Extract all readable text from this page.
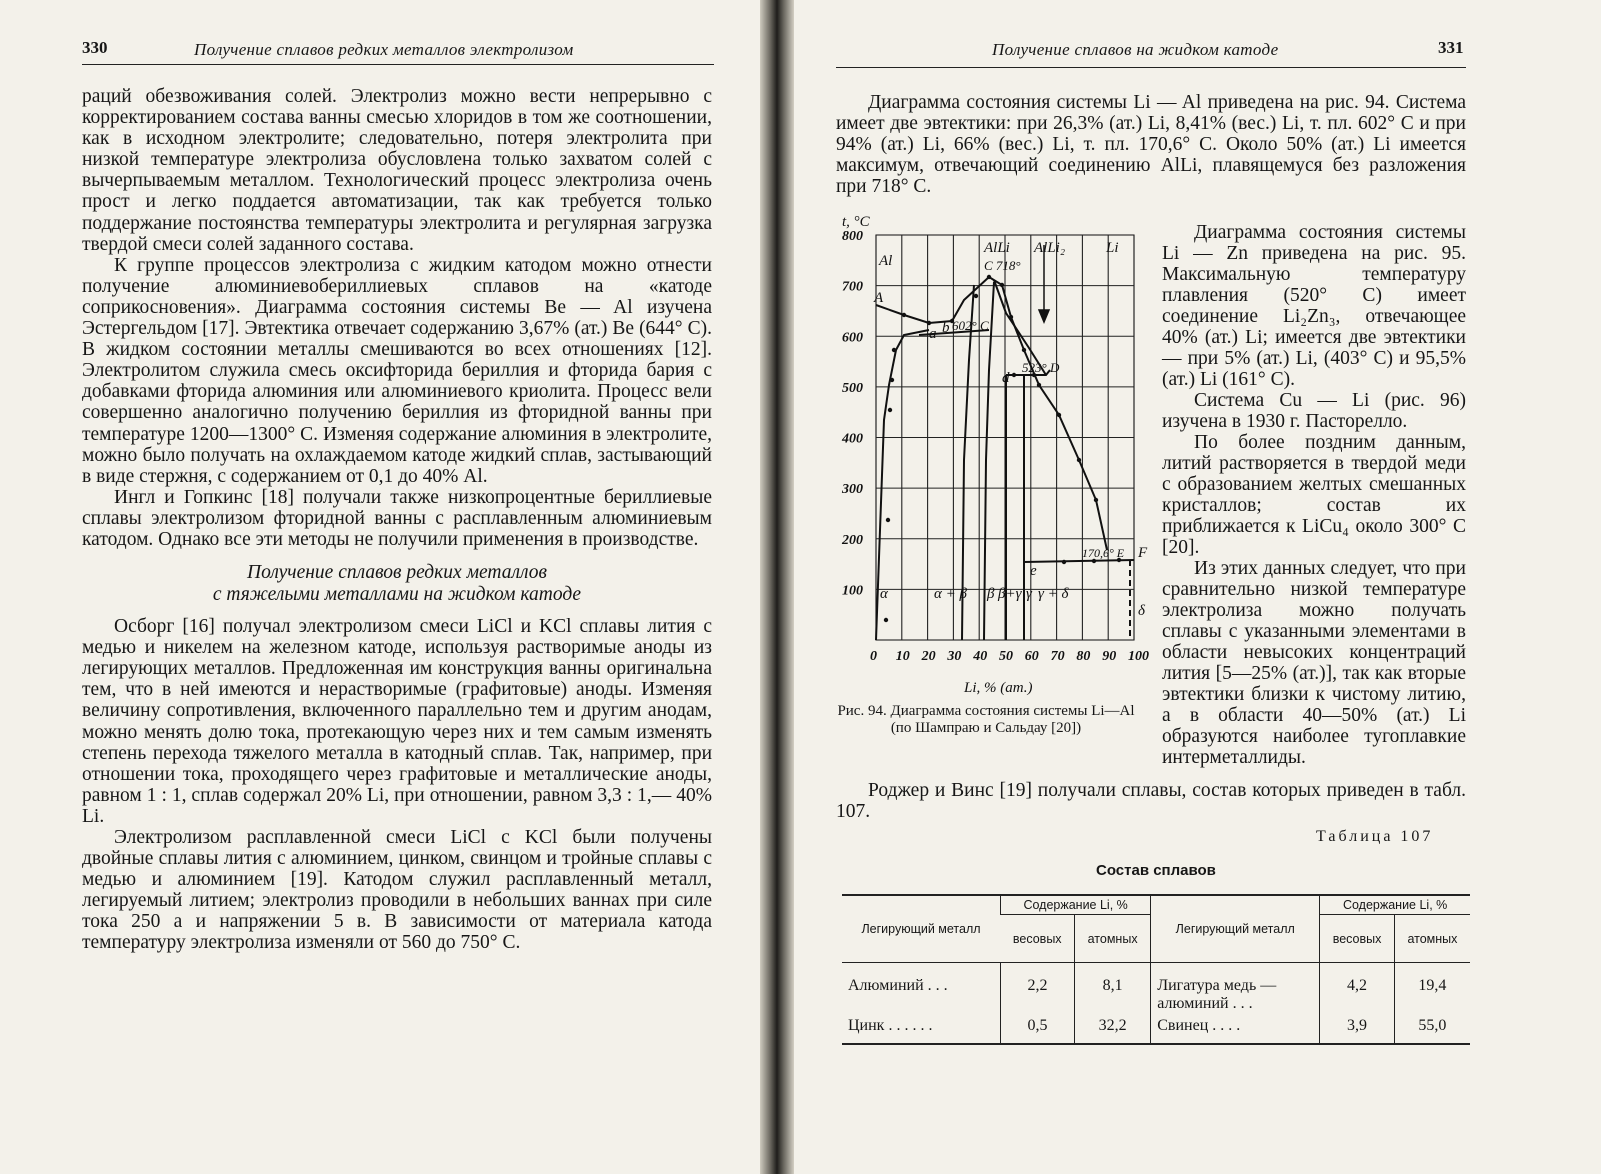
330	Получение сплавов редких металлов электролизом

раций обезвоживания солей. Электролиз можно вести непрерывно с корректированием состава ванны смесью хлоридов в том же соотношении, как в исходном электролите; следовательно, потеря электролита при низкой температуре электролиза обусловлена только захватом солей с вычерпываемым металлом. Технологический процесс электролиза очень прост и легко поддается автоматизации, так как требуется только поддержание постоянства температуры электролита и регулярная загрузка твердой смеси солей заданного состава.

К группе процессов электролиза с жидким катодом можно отнести получение алюминиевобериллиевых сплавов на «катоде соприкосновения». Диаграмма состояния системы Be — Al изучена Эстергельдом [17]. Эвтектика отвечает содержанию 3,67% (ат.) Be (644° C). В жидком состоянии металлы смешиваются во всех отношениях [12]. Электролитом служила смесь оксифторида бериллия и фторида бария с добавками фторида алюминия или алюминиевого криолита. Процесс вели совершенно аналогично получению бериллия из фторидной ванны при температуре 1200—1300° C. Изменяя содержание алюминия в электролите, можно было получать на охлаждаемом катоде жидкий сплав, застывающий в виде стержня, с содержанием от 0,1 до 40% Al.

Ингл и Гопкинс [18] получали также низкопроцентные бериллиевые сплавы электролизом фторидной ванны с расплавленным алюминиевым катодом. Однако все эти методы не получили применения в производстве.

Получение сплавов редких металлов
с тяжелыми металлами на жидком катоде

Осборг [16] получал электролизом смеси LiCl и KCl сплавы лития с медью и никелем на железном катоде, используя растворимые аноды из легирующих металлов. Предложенная им конструкция ванны оригинальна тем, что в ней имеются и нерастворимые (графитовые) аноды. Изменяя величину сопротивления, включенного параллельно тем и другим анодам, можно менять долю тока, протекающую через них и тем самым изменять степень перехода тяжелого металла в катодный сплав. Так, например, при отношении тока, проходящего через графитовые и металлические аноды, равном 1 : 1, сплав содержал 20% Li, при отношении, равном 3,3 : 1,— 40% Li.

Электролизом расплавленной смеси LiCl с KCl были получены двойные сплавы лития с алюминием, цинком, свинцом и тройные сплавы с медью и алюминием [19]. Катодом служил расплавленный металл, легируемый литием; электролиз проводили в небольших ваннах при силе тока 250 а и напряжении 5 в. В зависимости от материала катода температуру электролиза изменяли от 560 до 750° C.

Получение сплавов на жидком катоде	331

Диаграмма состояния системы Li — Al приведена на рис. 94. Система имеет две эвтектики: при 26,3% (ат.) Li, 8,41% (вес.) Li, т. пл. 602° C и при 94% (ат.) Li, 66% (вес.) Li, т. пл. 170,6° C. Около 50% (ат.) Li имеется максимум, отвечающий соединению AlLi, плавящемуся без разложения при 718° C.

t, °C
Al
AlLi AlLi₂	Li
C 718°
A
a b 602° C
d
523° D
e
170,6° E F
α	α + β β β+γ γ γ + δ
δ
Li, % (ат.)
0 10 20 30 40 50 60 70 80 90 100
800
700
600
500
400
300
200
100
Рис. 94. Диаграмма состояния системы Li—Al (по Шампраю и Сальдау [20])

Диаграмма состояния системы Li — Zn приведена на рис. 95. Максимальную температуру плавления (520° C) имеет соединение Li₂Zn₃, отвечающее 40% (ат.) Li; имеется две эвтектики — при 5% (ат.) Li, (403° C) и 95,5% (ат.) Li (161° C).

Система Cu — Li (рис. 96) изучена в 1930 г. Пасторелло.

По более поздним данным, литий растворяется в твердой меди с образованием желтых смешанных кристаллов; состав их приближается к LiCu₄ около 300° C [20].

Из этих данных следует, что при сравнительно низкой температуре электролиза можно получать сплавы с указанными элементами в области невысоких концентраций лития [5—25% (ат.)], так как вторые эвтектики близки к чистому литию, а в области 40—50% (ат.) Li образуются наиболее тугоплавкие интерметаллиды.

Роджер и Винс [19] получали сплавы, состав которых приведен в табл. 107.

Таблица 107
Состав сплавов
Легирующий металл	Содержание Li, %		Легирующий металл	Содержание Li, %	
	весовых	атомных		весовых	атомных
Алюминий . . .	2,2	8,1	Лигатура медь — алюминий . . .	4,2	19,4
Цинк . . . . . .	0,5	32,2	Свинец . . . .	3,9	55,0
